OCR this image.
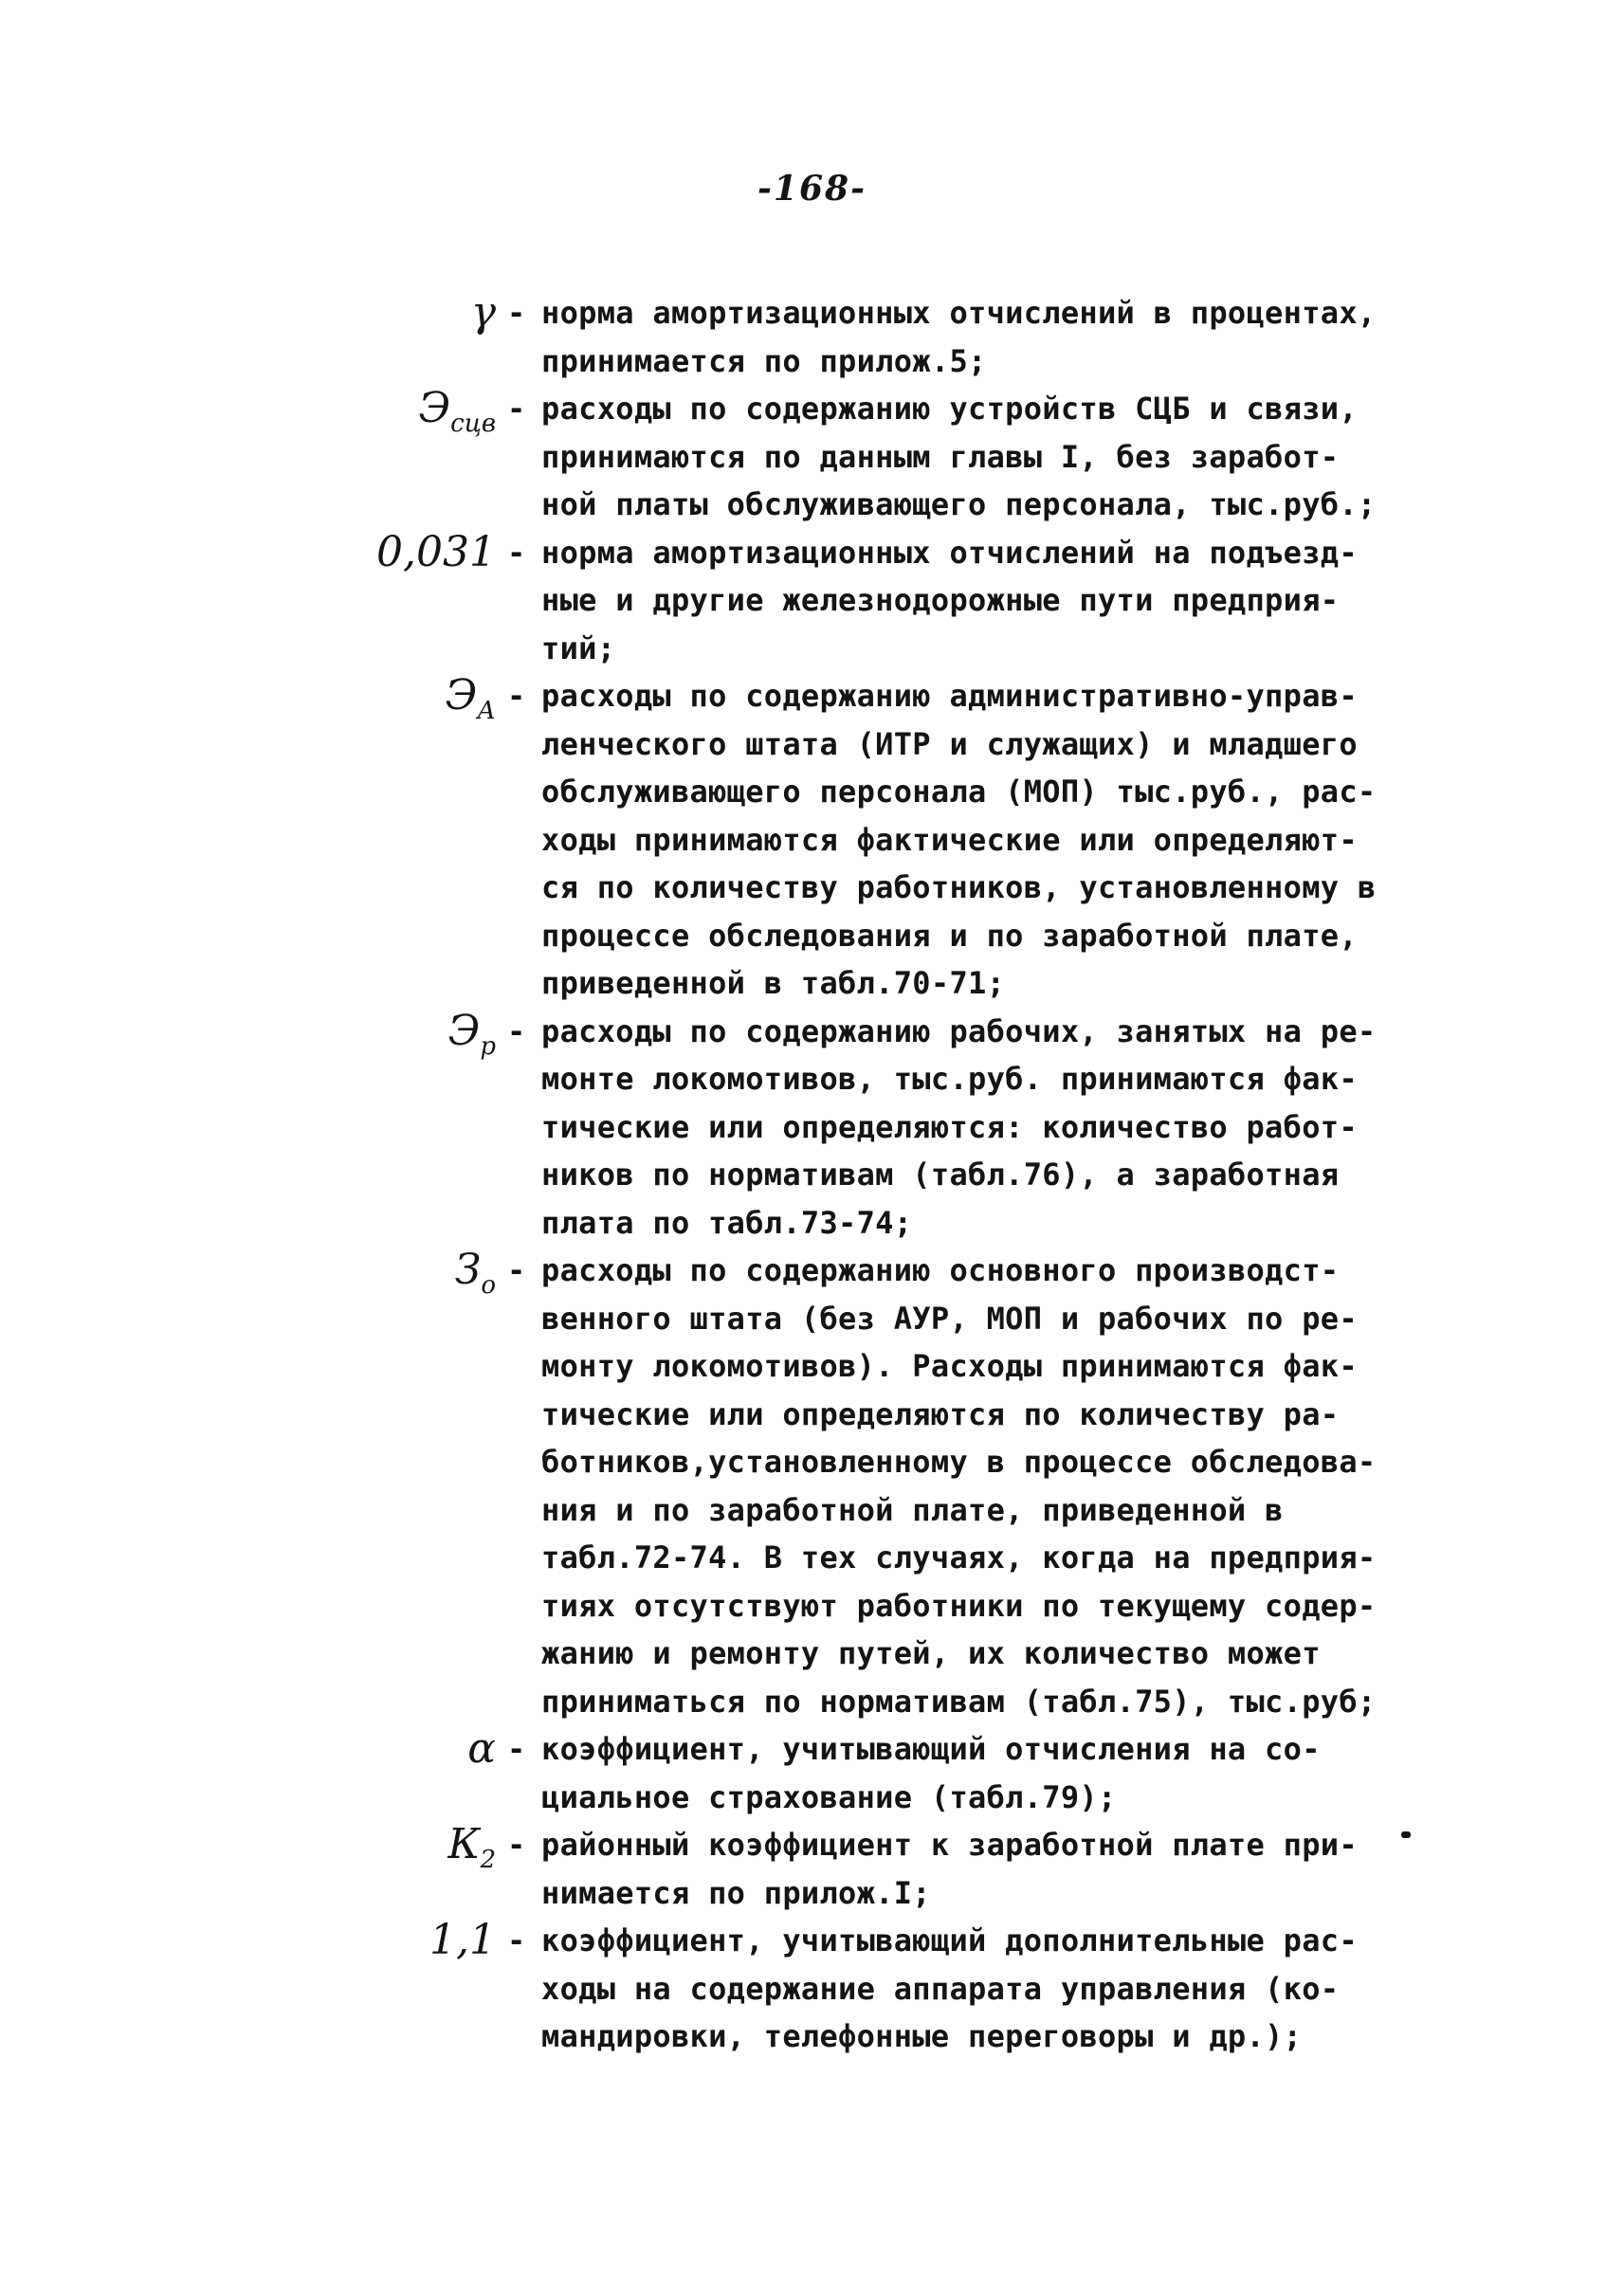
-168-
γ - норма амортизационных отчислений в процентах,
принимается по прилож.5;
$Э_{сцв}$ - расходы по содержанию устройств СЦБ и связи,
принимаются по данным главы I, без заработ-
ной платы обслуживающего персонала, тыс.руб.;
0,031 - норма амортизационных отчислений на подъезд-
ные и другие железнодорожные пути предприя-
тий;
$Э_А$ - расходы по содержанию административно-управ-
ленческого штата (ИТР и служащих) и младшего
обслуживающего персонала (МОП) тыс.руб., рас-
ходы принимаются фактические или определяют-
ся по количеству работников, установленному в
процессе обследования и по заработной плате,
приведенной в табл.70-71;
$Э_р$ - расходы по содержанию рабочих, занятых на ре-
монте локомотивов, тыс.руб. принимаются фак-
тические или определяются: количество работ-
ников по нормативам (табл.76), а заработная
плата по табл.73-74;
$З_о$ - расходы по содержанию основного производст-
венного штата (без АУР, МОП и рабочих по ре-
монту локомотивов). Расходы принимаются фак-
тические или определяются по количеству ра-
ботников,установленному в процессе обследова-
ния и по заработной плате, приведенной в
табл.72-74. В тех случаях, когда на предприя-
тиях отсутствуют работники по текущему содер-
жанию и ремонту путей, их количество может
приниматься по нормативам (табл.75), тыс.руб;
α - коэффициент, учитывающий отчисления на со-
циальное страхование (табл.79);
$К_2$ - районный коэффициент к заработной плате при-
нимается по прилож.I;
1,1 - коэффициент, учитывающий дополнительные рас-
ходы на содержание аппарата управления (ко-
мандировки, телефонные переговоры и др.);
